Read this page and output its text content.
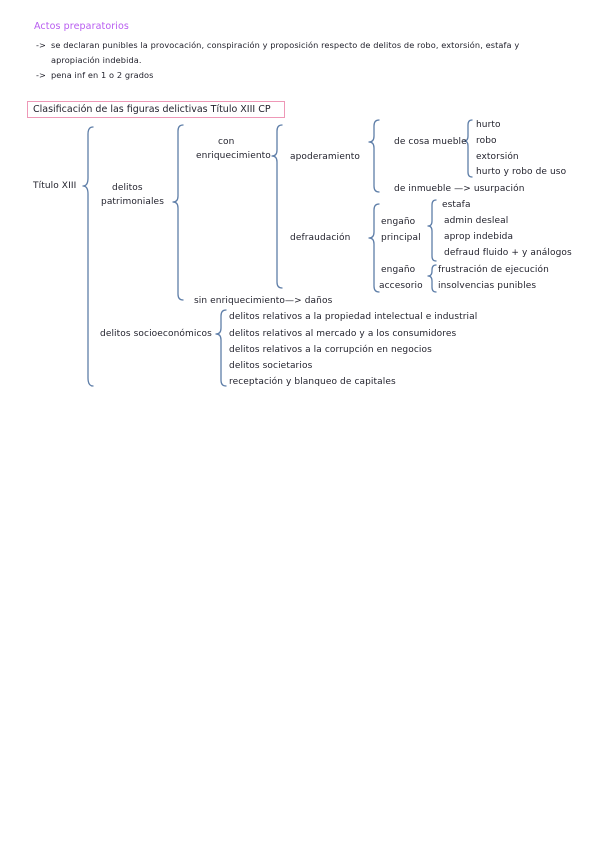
Actos preparatorios
-> se declaran punibles la provocación, conspiración y proposición respecto de delitos de robo, extorsión, estafa y
apropiación indebida.
-> pena inf en 1 o 2 grados
Clasificación de las figuras delictivas Título XIII CP
Título XIII	delitos
patrimoniales
con
enriquecimiento apoderamiento
de cosa mueble
hurto
robo
extorsión
hurto y robo de uso
de inmueble —> usurpación
defraudación
engaño
principal
estafa
admin desleal
aprop indebida
defraud fluido + y análogos
engaño
accesorio
frustración de ejecución
insolvencias punibles
sin enriquecimiento—> daños
delitos socioeconómicos
delitos relativos a la propiedad intelectual e industrial
delitos relativos al mercado y a los consumidores
delitos relativos a la corrupción en negocios
delitos societarios
receptación y blanqueo de capitales
